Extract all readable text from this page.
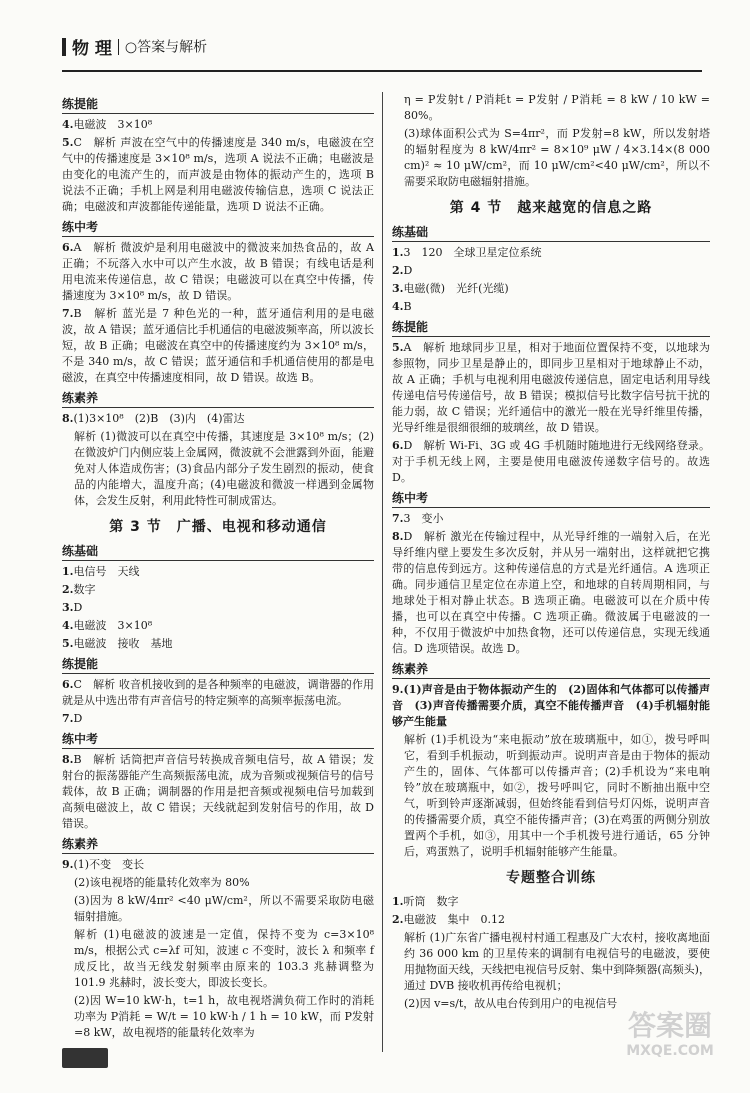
物 理 ○答案与解析
练提能
4.电磁波　3×10⁸
5.C　解析 声波在空气中的传播速度是 340 m/s，电磁波在空气中的传播速度是 3×10⁸ m/s，选项 A 说法不正确；电磁波是由变化的电流产生的，而声波是由物体的振动产生的，选项 B 说法不正确；手机上网是利用电磁波传输信息，选项 C 说法正确；电磁波和声波都能传递能量，选项 D 说法不正确。
练中考
6.A　解析 微波炉是利用电磁波中的微波来加热食品的，故 A 正确；不玩落入水中可以产生水波，故 B 错误；有线电话是利用电流来传递信息，故 C 错误；电磁波可以在真空中传播，传播速度为 3×10⁸ m/s，故 D 错误。
7.B　解析 蓝光是 7 种色光的一种，蓝牙通信利用的是电磁波，故 A 错误；蓝牙通信比手机通信的电磁波频率高，所以波长短，故 B 正确；电磁波在真空中的传播速度约为 3×10⁸ m/s，不是 340 m/s，故 C 错误；蓝牙通信和手机通信使用的都是电磁波，在真空中传播速度相同，故 D 错误。故选 B。
练素养
8.(1)3×10⁸　(2)B　(3)内　(4)雷达
解析 (1)微波可以在真空中传播，其速度是 3×10⁸ m/s；(2)在微波炉门内侧应装上金属网，微波就不会泄露到外面，能避免对人体造成伤害；(3)食品内部分子发生剧烈的振动，使食品的内能增大，温度升高；(4)电磁波和微波一样遇到金属物体，会发生反射，利用此特性可制成雷达。
第 3 节　广播、电视和移动通信
练基础
1.电信号　天线
2.数字
3.D
4.电磁波　3×10⁸
5.电磁波　接收　基地
练提能
6.C　解析 收音机接收到的是各种频率的电磁波，调谐器的作用就是从中选出带有声音信号的特定频率的高频率振荡电流。
7.D
练中考
8.B　解析 话筒把声音信号转换成音频电信号，故 A 错误；发射台的振荡器能产生高频振荡电流，成为音频或视频信号的信号载体，故 B 正确；调制器的作用是把音频或视频电信号加载到高频电磁波上，故 C 错误；天线就起到发射信号的作用，故 D 错误。
练素养
9.(1)不变　变长
(2)该电视塔的能量转化效率为 80%
(3)因为 8 kW/4πr² <40 μW/cm²，所以不需要采取防电磁辐射措施。
解析 (1)电磁波的波速是一定值，保持不变为 c=3×10⁸ m/s，根据公式 c=λf 可知，波速 c 不变时，波长 λ 和频率 f 成反比，故当无线发射频率由原来的 103.3 兆赫调整为 101.9 兆赫时，波长变大，即波长变长。
(2)因 W=10 kW·h，t=1 h，故电视塔满负荷工作时的消耗功率为 P消耗 = W/t = 10 kW·h / 1 h = 10 kW，而 P发射=8 kW，故电视塔的能量转化效率为
η = P发射t / P消耗t = P发射 / P消耗 = 8 kW / 10 kW = 80%。
(3)球体面积公式为 S=4πr²，而 P发射=8 kW，所以发射塔的辐射程度为 8 kW/4πr² = 8×10⁹ μW / 4×3.14×(8 000 cm)² ≈ 10 μW/cm²，而 10 μW/cm²<40 μW/cm²，所以不需要采取防电磁辐射措施。
第 4 节　越来越宽的信息之路
练基础
1.3　120　全球卫星定位系统
2.D
3.电磁(微)　光纤(光缆)
4.B
练提能
5.A　解析 地球同步卫星，相对于地面位置保持不变，以地球为参照物，同步卫星是静止的，即同步卫星相对于地球静止不动，故 A 正确；手机与电视利用电磁波传递信息，固定电话利用导线传递电信号传递信号，故 B 错误；模拟信号比数字信号抗干扰的能力弱，故 C 错误；光纤通信中的激光一般在光导纤维里传播，光导纤维是很细很细的玻璃丝，故 D 错误。
6.D　解析 Wi-Fi、3G 或 4G 手机随时随地进行无线网络登录。对于手机无线上网，主要是使用电磁波传递数字信号的。故选 D。
练中考
7.3　变小
8.D　解析 激光在传输过程中，从光导纤维的一端射入后，在光导纤维内壁上要发生多次反射，并从另一端射出，这样就把它携带的信息传到远方。这种传递信息的方式是光纤通信。A 选项正确。同步通信卫星定位在赤道上空，和地球的自转周期相同，与地球处于相对静止状态。B 选项正确。电磁波可以在介质中传播，也可以在真空中传播。C 选项正确。微波属于电磁波的一种，不仅用于微波炉中加热食物，还可以传递信息，实现无线通信。D 选项错误。故选 D。
练素养
9.(1)声音是由于物体振动产生的　(2)固体和气体都可以传播声音　(3)声音传播需要介质，真空不能传播声音　(4)手机辐射能够产生能量
解析 (1)手机设为“来电振动”放在玻璃瓶中，如①，拨号呼叫它，看到手机振动，听到振动声。说明声音是由于物体的振动产生的，固体、气体都可以传播声音；(2)手机设为“来电响铃”放在玻璃瓶中，如②，拨号呼叫它，同时不断抽出瓶中空气，听到铃声逐渐减弱，但始终能看到信号灯闪烁，说明声音的传播需要介质，真空不能传播声音；(3)在鸡蛋的两侧分别放置两个手机，如③，用其中一个手机拨号进行通话，65 分钟后，鸡蛋熟了，说明手机辐射能够产生能量。
专题整合训练
1.听筒　数字
2.电磁波　集中　0.12
解析 (1)广东省广播电视村村通工程惠及广大农村，接收离地面约 36 000 km 的卫星传来的调制有电视信号的电磁波，要使用抛物面天线，天线把电视信号反射、集中到降频器(高频头)，通过 DVB 接收机再传给电视机；
(2)因 v=s/t，故从电台传到用户的电视信号
答案圈
MXQE.COM
